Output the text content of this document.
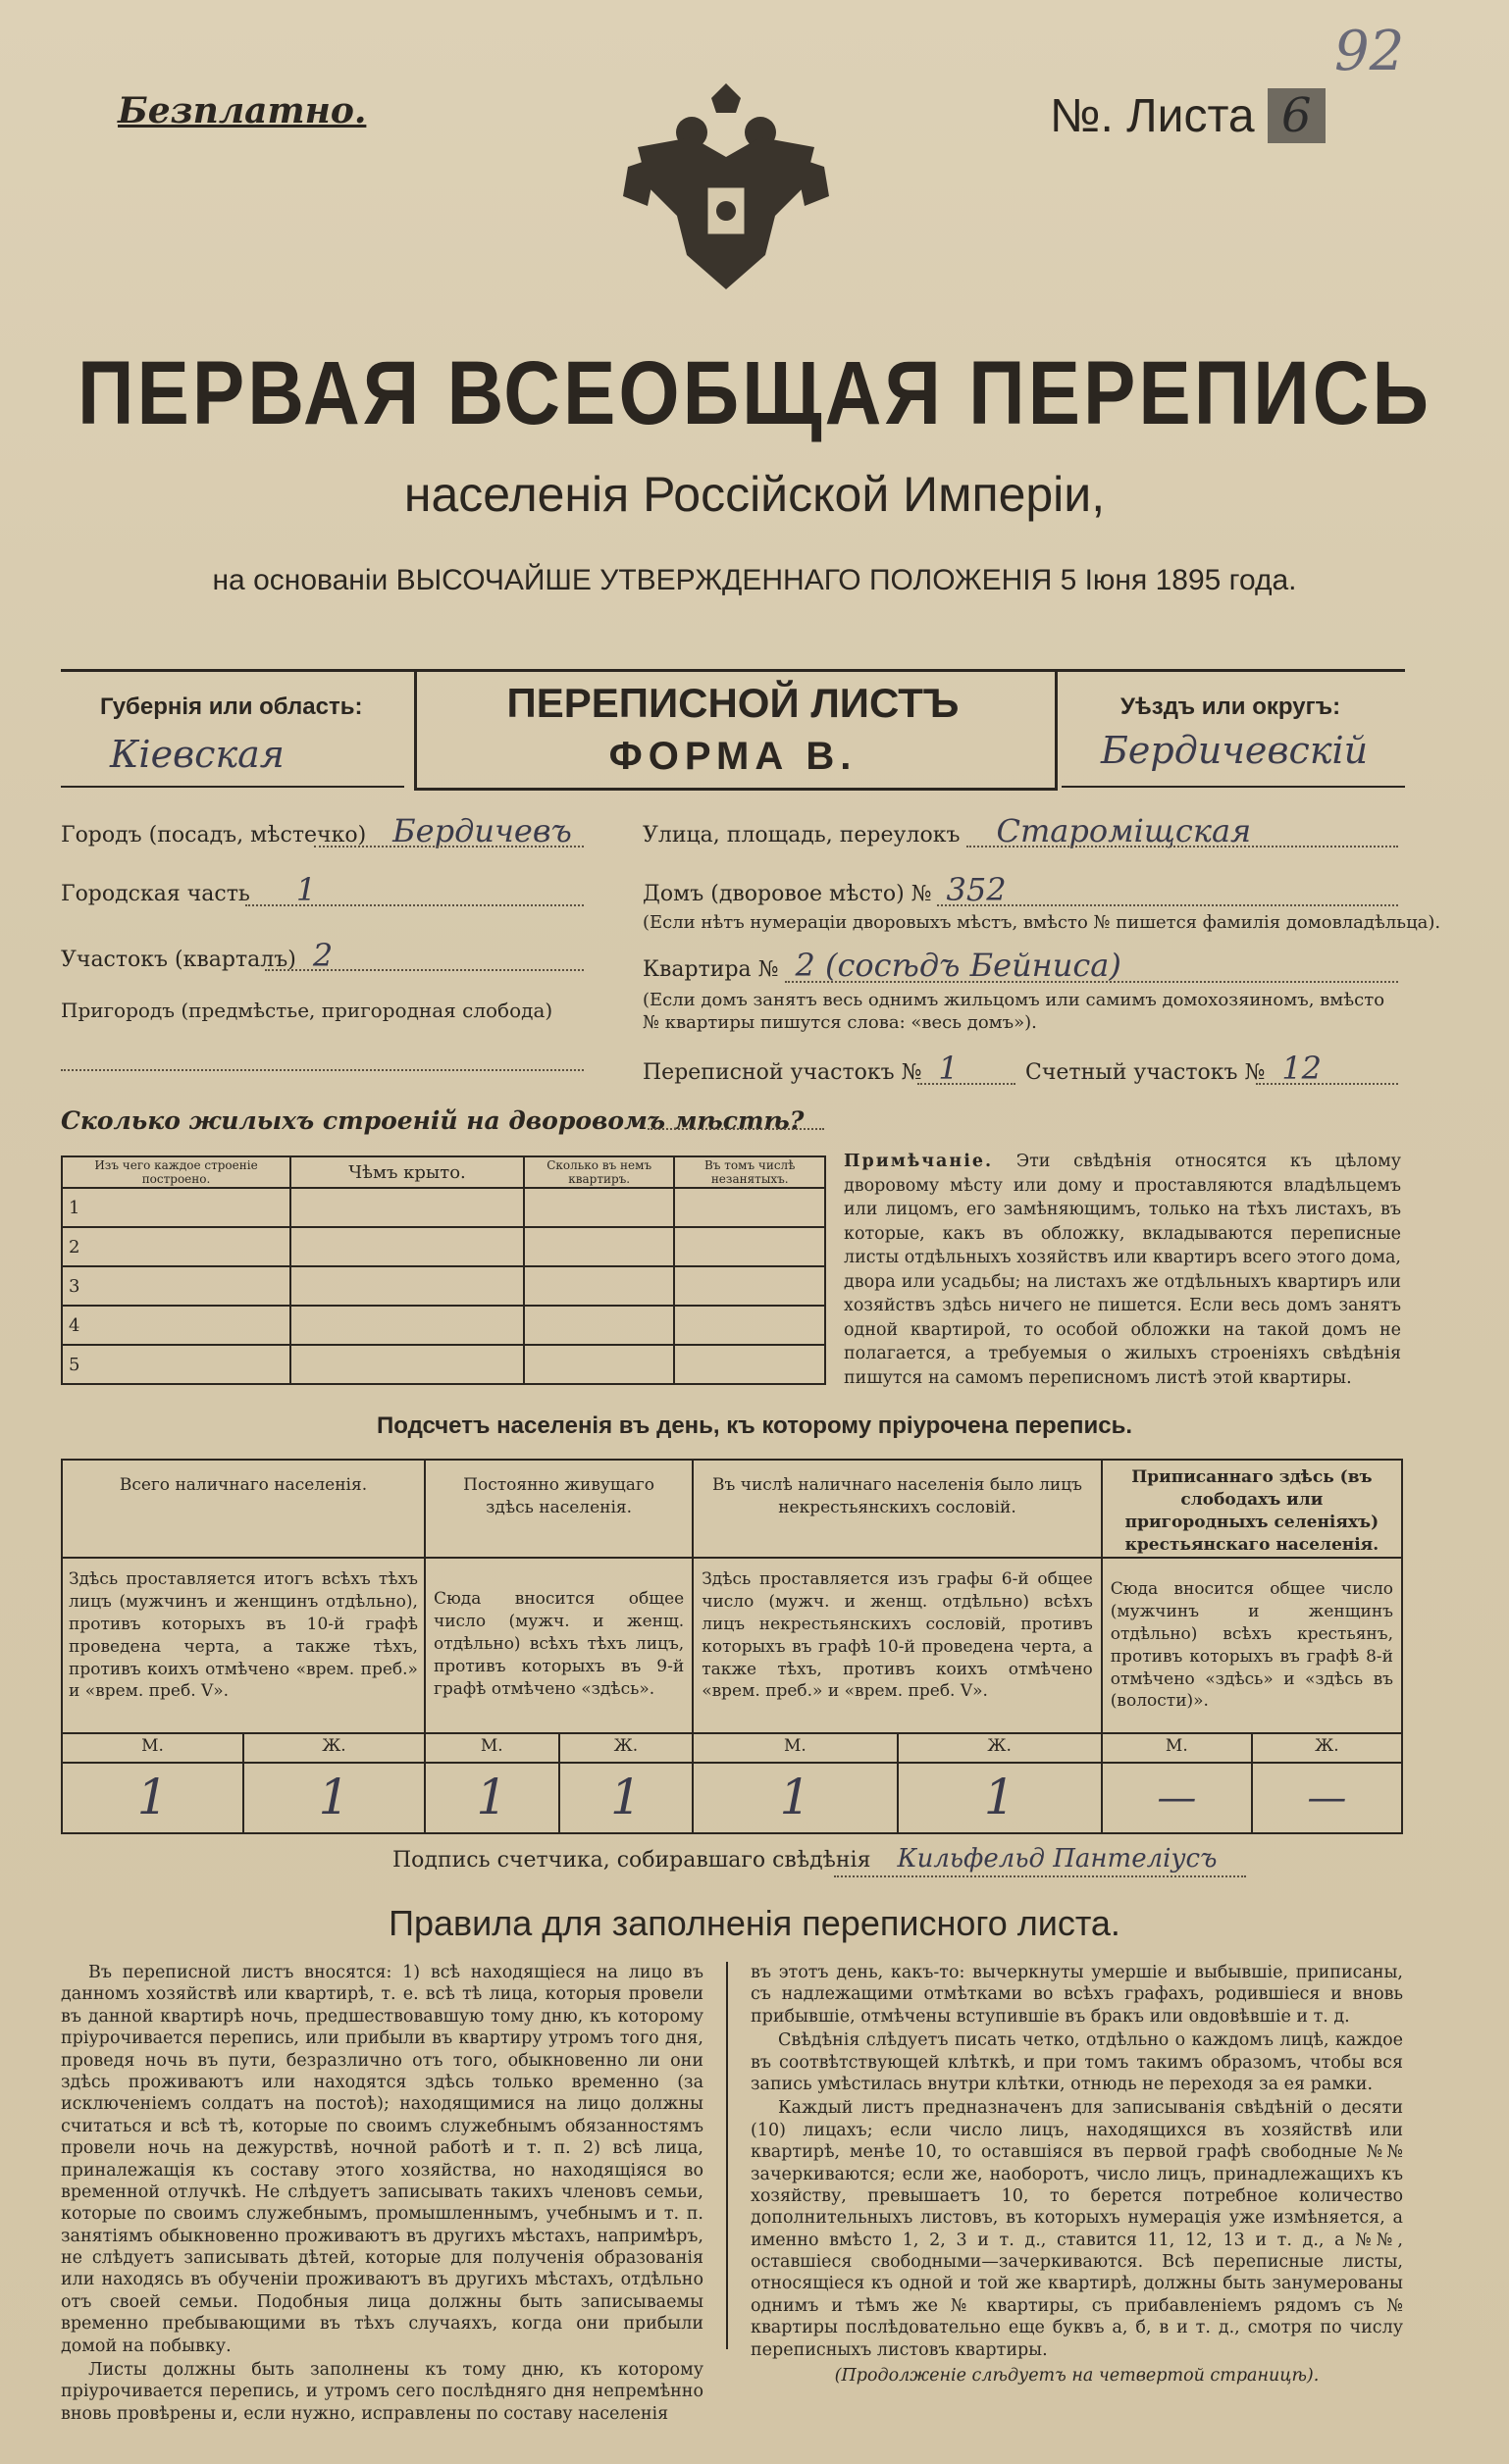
92
Безплатно.	№. Листа 6
ПЕРВАЯ ВСЕОБЩАЯ ПЕРЕПИСЬ
населенія Россійской Имперіи,
на основаніи ВЫСОЧАЙШЕ УТВЕРЖДЕННАГО ПОЛОЖЕНІЯ 5 Іюня 1895 года.
Губернія или область:
Кіевская
ПЕРЕПИСНОЙ ЛИСТЪ
ФОРМА В.
Уѣздъ или округъ:
Бердичевскій
Городъ (посадъ, мѣстечко) Бердичевъ
Городская часть 1
Участокъ (кварталъ) 2
Пригородъ (предмѣстье, пригородная слобода)
Улица, площадь, переулокъ Староміщская
Домъ (дворовое мѣсто) № 352
(Если нѣтъ нумераціи дворовыхъ мѣстъ, вмѣсто № пишется фамилія домовладѣльца).
Квартира № 2 (сосѣдъ Бейниса)
(Если домъ занятъ весь однимъ жильцомъ или самимъ домохозяиномъ, вмѣсто № квартиры пишутся слова: «весь домъ»).
Переписной участокъ № 1	Счетный участокъ № 12
Сколько жилыхъ строеній на дворовомъ мѣстѣ?
Изъ чего каждое строеніе построено.	Чѣмъ крыто.	Сколько въ немъ квартиръ.	Въ томъ числѣ незанятыхъ.
1			
2			
3			
4			
5			
Примѣчаніе. Эти свѣдѣнія относятся къ цѣлому дворовому мѣсту или дому и проставляются владѣльцемъ или лицомъ, его замѣняющимъ, только на тѣхъ листахъ, въ которые, какъ въ обложку, вкладываются переписные листы отдѣльныхъ хозяйствъ или квартиръ всего этого дома, двора или усадьбы; на листахъ же отдѣльныхъ квартиръ или хозяйствъ здѣсь ничего не пишется. Если весь домъ занятъ одной квартирой, то особой обложки на такой домъ не полагается, а требуемыя о жилыхъ строеніяхъ свѣдѣнія пишутся на самомъ переписномъ листѣ этой квартиры.
Подсчетъ населенія въ день, къ которому пріурочена перепись.
Всего наличнаго населенія.		Постоянно живущаго здѣсь населенія.		Въ числѣ наличнаго населенія было лицъ некрестьянскихъ сословій.		Приписаннаго здѣсь (въ слободахъ или пригородныхъ селеніяхъ) крестьянскаго населенія.	
Здѣсь проставляется итогъ всѣхъ тѣхъ лицъ (мужчинъ и женщинъ отдѣльно), противъ которыхъ въ 10-й графѣ проведена черта, а также тѣхъ, противъ коихъ отмѣчено «врем. преб.» и «врем. преб. V».		Сюда вносится общее число (мужч. и женщ. отдѣльно) всѣхъ тѣхъ лицъ, противъ которыхъ въ 9-й графѣ отмѣчено «здѣсь».		Здѣсь проставляется изъ графы 6-й общее число (мужч. и женщ. отдѣльно) всѣхъ лицъ некрестьянскихъ сословій, противъ которыхъ въ графѣ 10-й проведена черта, а также тѣхъ, противъ коихъ отмѣчено «врем. преб.» и «врем. преб. V».		Сюда вносится общее число (мужчинъ и женщинъ отдѣльно) всѣхъ крестьянъ, противъ которыхъ въ графѣ 8-й отмѣчено «здѣсь» и «здѣсь въ (волости)».	
М.	Ж.	М.	Ж.	М.	Ж.	М.	Ж.
1	1	1	1	1	1	—	—
Подпись счетчика, собиравшаго свѣдѣнія Кильфельд Пантеліусъ
Правила для заполненія переписного листа.

Въ переписной листъ вносятся: 1) всѣ находящіеся на лицо въ данномъ хозяйствѣ или квартирѣ, т. е. всѣ тѣ лица, которыя провели въ данной квартирѣ ночь, предшествовавшую тому дню, къ которому пріурочивается перепись, или прибыли въ квартиру утромъ того дня, проведя ночь въ пути, безразлично отъ того, обыкновенно ли они здѣсь проживаютъ или находятся здѣсь только временно (за исключеніемъ солдатъ на постоѣ); находящимися на лицо должны считаться и всѣ тѣ, которые по своимъ служебнымъ обязанностямъ провели ночь на дежурствѣ, ночной работѣ и т. п. 2) всѣ лица, приналежащія къ составу этого хозяйства, но находящіяся во временной отлучкѣ. Не слѣдуетъ записывать такихъ членовъ семьи, которые по своимъ служебнымъ, промышленнымъ, учебнымъ и т. п. занятіямъ обыкновенно проживаютъ въ другихъ мѣстахъ, напримѣръ, не слѣдуетъ записывать дѣтей, которые для полученія образованія или находясь въ обученіи проживаютъ въ другихъ мѣстахъ, отдѣльно отъ своей семьи. Подобныя лица должны быть записываемы временно пребывающими въ тѣхъ случаяхъ, когда они прибыли домой на побывку.

Листы должны быть заполнены къ тому дню, къ которому пріурочивается перепись, и утромъ сего послѣдняго дня непремѣнно вновь провѣрены и, если нужно, исправлены по составу населенія

въ этотъ день, какъ-то: вычеркнуты умершіе и выбывшіе, приписаны, съ надлежащими отмѣтками во всѣхъ графахъ, родившіеся и вновь прибывшіе, отмѣчены вступившіе въ бракъ или овдовѣвшіе и т. д.

Свѣдѣнія слѣдуетъ писать четко, отдѣльно о каждомъ лицѣ, каждое въ соотвѣтствующей клѣткѣ, и при томъ такимъ образомъ, чтобы вся запись умѣстилась внутри клѣтки, отнюдь не переходя за ея рамки.

Каждый листъ предназначенъ для записыванія свѣдѣній о десяти (10) лицахъ; если число лицъ, находящихся въ хозяйствѣ или квартирѣ, менѣе 10, то оставшіяся въ первой графѣ свободные №№ зачеркиваются; если же, наоборотъ, число лицъ, принадлежащихъ къ хозяйству, превышаетъ 10, то берется потребное количество дополнительныхъ листовъ, въ которыхъ нумерація уже измѣняется, а именно вмѣсто 1, 2, 3 и т. д., ставится 11, 12, 13 и т. д., а №№, оставшіеся свободными—зачеркиваются. Всѣ переписные листы, относящіеся къ одной и той же квартирѣ, должны быть занумерованы однимъ и тѣмъ же № квартиры, съ прибавленіемъ рядомъ съ № квартиры послѣдовательно еще буквъ а, б, в и т. д., смотря по числу переписныхъ листовъ квартиры.

(Продолженіе слѣдуетъ на четвертой страницѣ).
